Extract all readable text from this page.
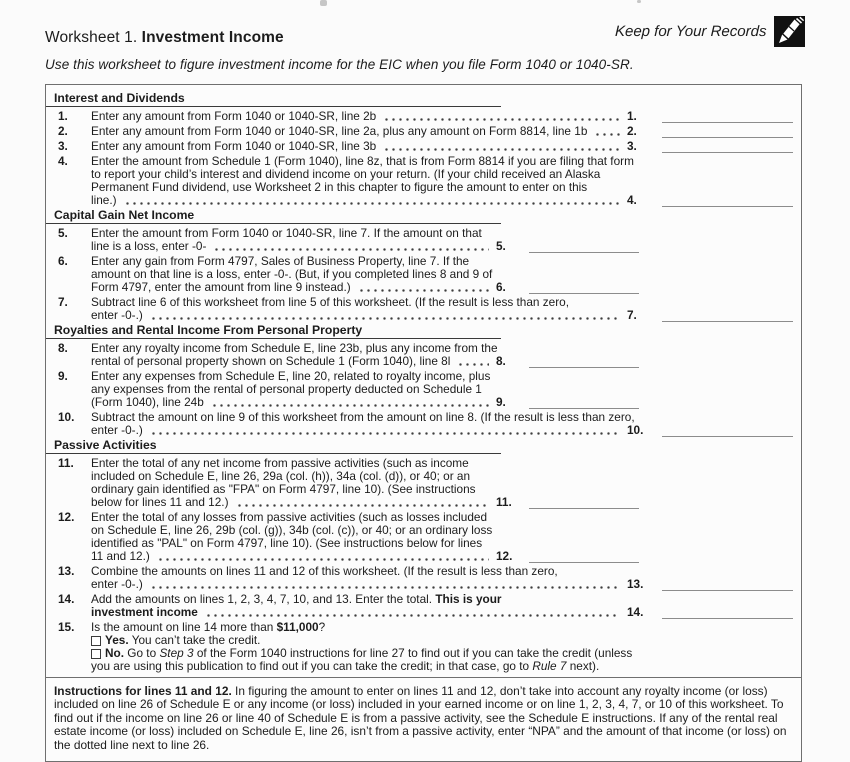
Worksheet 1. Investment Income	Keep for Your Records
Use this worksheet to figure investment income for the EIC when you file Form 1040 or 1040-SR.
Interest and Dividends
1.	Enter any amount from Form 1040 or 1040-SR, line 2b	1.
2.	Enter any amount from Form 1040 or 1040-SR, line 2a, plus any amount on Form 8814, line 1b	2.
3.	Enter any amount from Form 1040 or 1040-SR, line 3b	3.
4.	Enter the amount from Schedule 1 (Form 1040), line 8z, that is from Form 8814 if you are filing that form
to report your child’s interest and dividend income on your return. (If your child received an Alaska
Permanent Fund dividend, use Worksheet 2 in this chapter to figure the amount to enter on this
line.)	4.
Capital Gain Net Income
5.	Enter the amount from Form 1040 or 1040-SR, line 7. If the amount on that
line is a loss, enter -0-	5.
6.	Enter any gain from Form 4797, Sales of Business Property, line 7. If the
amount on that line is a loss, enter -0-. (But, if you completed lines 8 and 9 of
Form 4797, enter the amount from line 9 instead.)	6.
7.	Subtract line 6 of this worksheet from line 5 of this worksheet. (If the result is less than zero,
enter -0-.)	7.
Royalties and Rental Income From Personal Property
8.	Enter any royalty income from Schedule E, line 23b, plus any income from the
rental of personal property shown on Schedule 1 (Form 1040), line 8l	8.
9.	Enter any expenses from Schedule E, line 20, related to royalty income, plus
any expenses from the rental of personal property deducted on Schedule 1
(Form 1040), line 24b	9.
10.	Subtract the amount on line 9 of this worksheet from the amount on line 8. (If the result is less than zero,
enter -0-.)	10.
Passive Activities
11.	Enter the total of any net income from passive activities (such as income
included on Schedule E, line 26, 29a (col. (h)), 34a (col. (d)), or 40; or an
ordinary gain identified as "FPA" on Form 4797, line 10). (See instructions
below for lines 11 and 12.)	11.
12.	Enter the total of any losses from passive activities (such as losses included
on Schedule E, line 26, 29b (col. (g)), 34b (col. (c)), or 40; or an ordinary loss
identified as "PAL" on Form 4797, line 10). (See instructions below for lines
11 and 12.)	12.
13.	Combine the amounts on lines 11 and 12 of this worksheet. (If the result is less than zero,
enter -0-.)	13.
14.	Add the amounts on lines 1, 2, 3, 4, 7, 10, and 13. Enter the total. This is your
investment income	14.
15.	Is the amount on line 14 more than $11,000?
Yes. You can’t take the credit.
No. Go to Step 3 of the Form 1040 instructions for line 27 to find out if you can take the credit (unless
you are using this publication to find out if you can take the credit; in that case, go to Rule 7 next).
Instructions for lines 11 and 12. In figuring the amount to enter on lines 11 and 12, don’t take into account any royalty income (or loss) included on line 26 of Schedule E or any income (or loss) included in your earned income or on line 1, 2, 3, 4, 7, or 10 of this worksheet. To find out if the income on line 26 or line 40 of Schedule E is from a passive activity, see the Schedule E instructions. If any of the rental real estate income (or loss) included on Schedule E, line 26, isn’t from a passive activity, enter “NPA” and the amount of that income (or loss) on the dotted line next to line 26.
